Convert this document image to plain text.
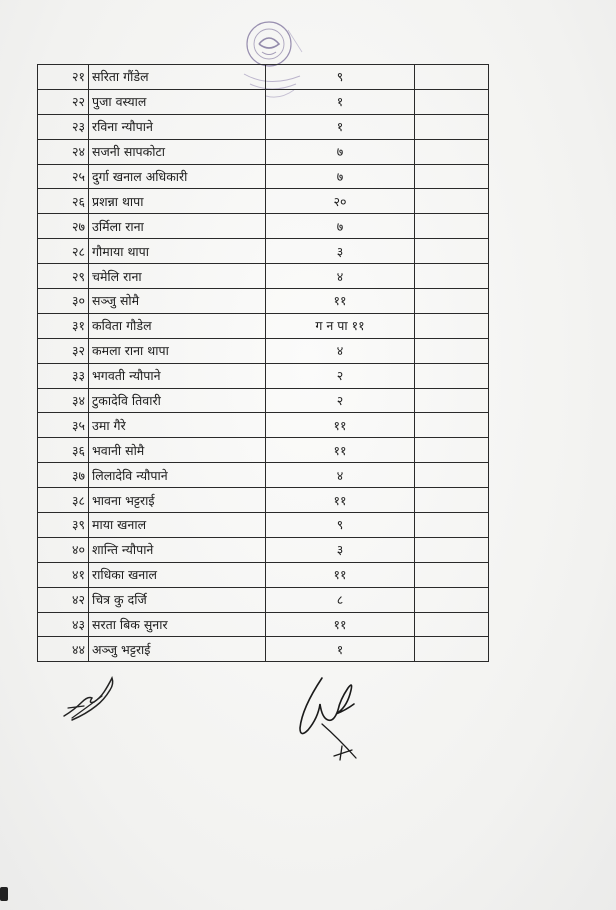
२१	सरिता गौंडेल	९	
२२	पुजा वस्याल	१	
२३	रविना न्यौपाने	१	
२४	सजनी सापकोटा	७	
२५	दुर्गा खनाल अधिकारी	७	
२६	प्रशन्ना थापा	२०	
२७	उर्मिला राना	७	
२८	गौमाया थापा	३	
२९	चमेलि राना	४	
३०	सञ्जु सोमै	११	
३१	कविता गौडेल	ग न पा ११	
३२	कमला राना थापा	४	
३३	भगवती न्यौपाने	२	
३४	टुकादेवि तिवारी	२	
३५	उमा गैरे	११	
३६	भवानी सोमै	११	
३७	लिलादेवि न्यौपाने	४	
३८	भावना भट्टराई	११	
३९	माया खनाल	९	
४०	शान्ति न्यौपाने	३	
४१	राधिका खनाल	११	
४२	चित्र कु दर्जि	८	
४३	सरता बिक सुनार	११	
४४	अञ्जु भट्टराई	१	
